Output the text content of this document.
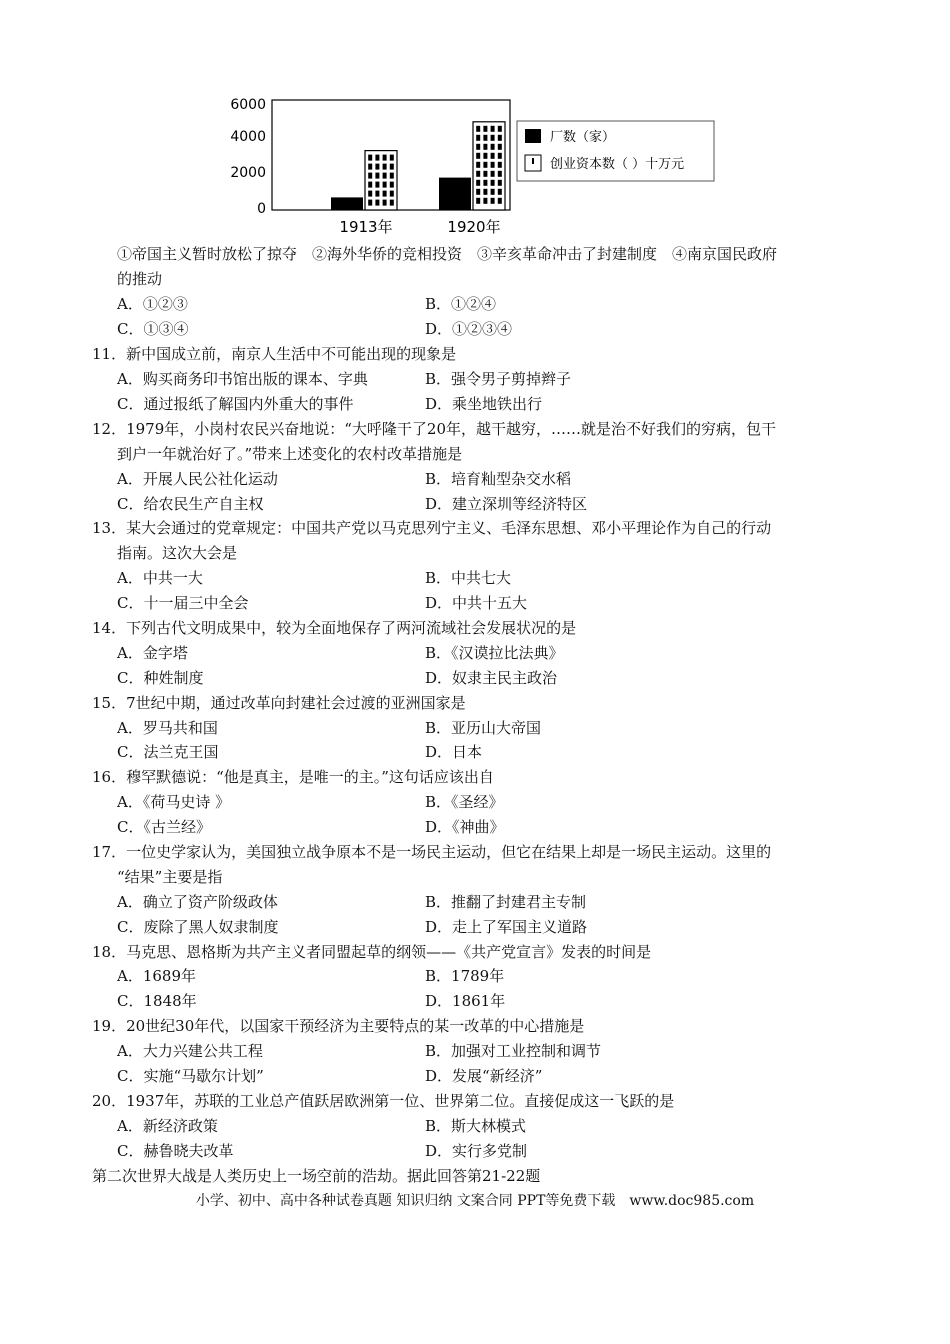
6000
4000
2000
0
1913年	1920年
厂数（家）
创业资本数（ ）十万元
①帝国主义暂时放松了掠夺　②海外华侨的竞相投资　③辛亥革命冲击了封建制度　④南京国民政府
的推动
A．①②③	B．①②④
C．①③④	D．①②③④
11．新中国成立前，南京人生活中不可能出现的现象是
A．购买商务印书馆出版的课本、字典	B．强令男子剪掉辫子
C．通过报纸了解国内外重大的事件	D．乘坐地铁出行
12．1979年，小岗村农民兴奋地说：“大呼隆干了20年，越干越穷，……就是治不好我们的穷病，包干
到户一年就治好了。”带来上述变化的农村改革措施是
A．开展人民公社化运动	B．培育籼型杂交水稻
C．给农民生产自主权	D．建立深圳等经济特区
13．某大会通过的党章规定：中国共产党以马克思列宁主义、毛泽东思想、邓小平理论作为自己的行动
指南。这次大会是
A．中共一大	B．中共七大
C．十一届三中全会	D．中共十五大
14．下列古代文明成果中，较为全面地保存了两河流域社会发展状况的是
A．金字塔	B．《汉谟拉比法典》
C．种姓制度	D．奴隶主民主政治
15．7世纪中期，通过改革向封建社会过渡的亚洲国家是
A．罗马共和国	B．亚历山大帝国
C．法兰克王国	D．日本
16．穆罕默德说：“他是真主，是唯一的主。”这句话应该出自
A．《荷马史诗 》	B．《圣经》
C．《古兰经》	D．《神曲》
17．一位史学家认为，美国独立战争原本不是一场民主运动，但它在结果上却是一场民主运动。这里的
“结果”主要是指
A．确立了资产阶级政体	B．推翻了封建君主专制
C．废除了黑人奴隶制度	D．走上了军国主义道路
18．马克思、恩格斯为共产主义者同盟起草的纲领——《共产党宣言》发表的时间是
A．1689年	B．1789年
C．1848年	D．1861年
19．20世纪30年代，以国家干预经济为主要特点的某一改革的中心措施是
A．大力兴建公共工程	B．加强对工业控制和调节
C．实施“马歇尔计划”	D．发展“新经济”
20．1937年，苏联的工业总产值跃居欧洲第一位、世界第二位。直接促成这一飞跃的是
A．新经济政策	B．斯大林模式
C．赫鲁晓夫改革	D．实行多党制
第二次世界大战是人类历史上一场空前的浩劫。据此回答第21-22题
小学、初中、高中各种试卷真题 知识归纳 文案合同 PPT等免费下载　www.doc985.com
